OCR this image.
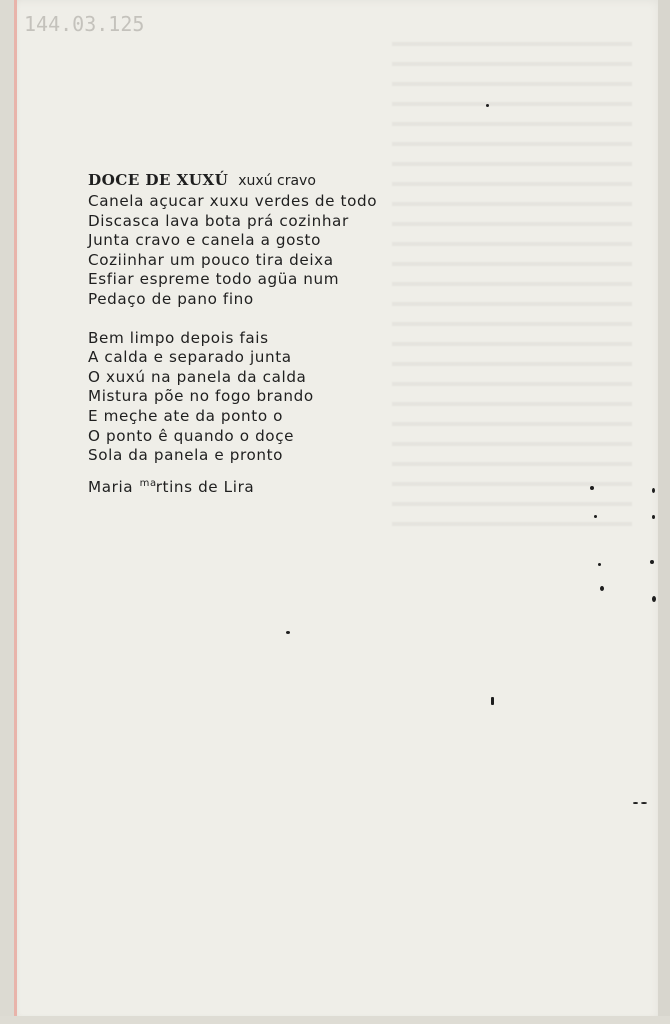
144.03.125
DOCE DE XUXÚ xuxú cravo
Canela açucar xuxu verdes de todo
Discasca lava bota prá cozinhar
Junta cravo e canela a gosto
Coziinhar um pouco tira deixa
Esfiar espreme todo agüa num
Pedaço de pano fino
Bem limpo depois fais
A calda e separado junta
O xuxú na panela da calda
Mistura põe no fogo brando
E meçhe ate da ponto o
O ponto ê quando o doçe
Sola da panela e pronto
Maria $^{ma}$rtins de Lira
